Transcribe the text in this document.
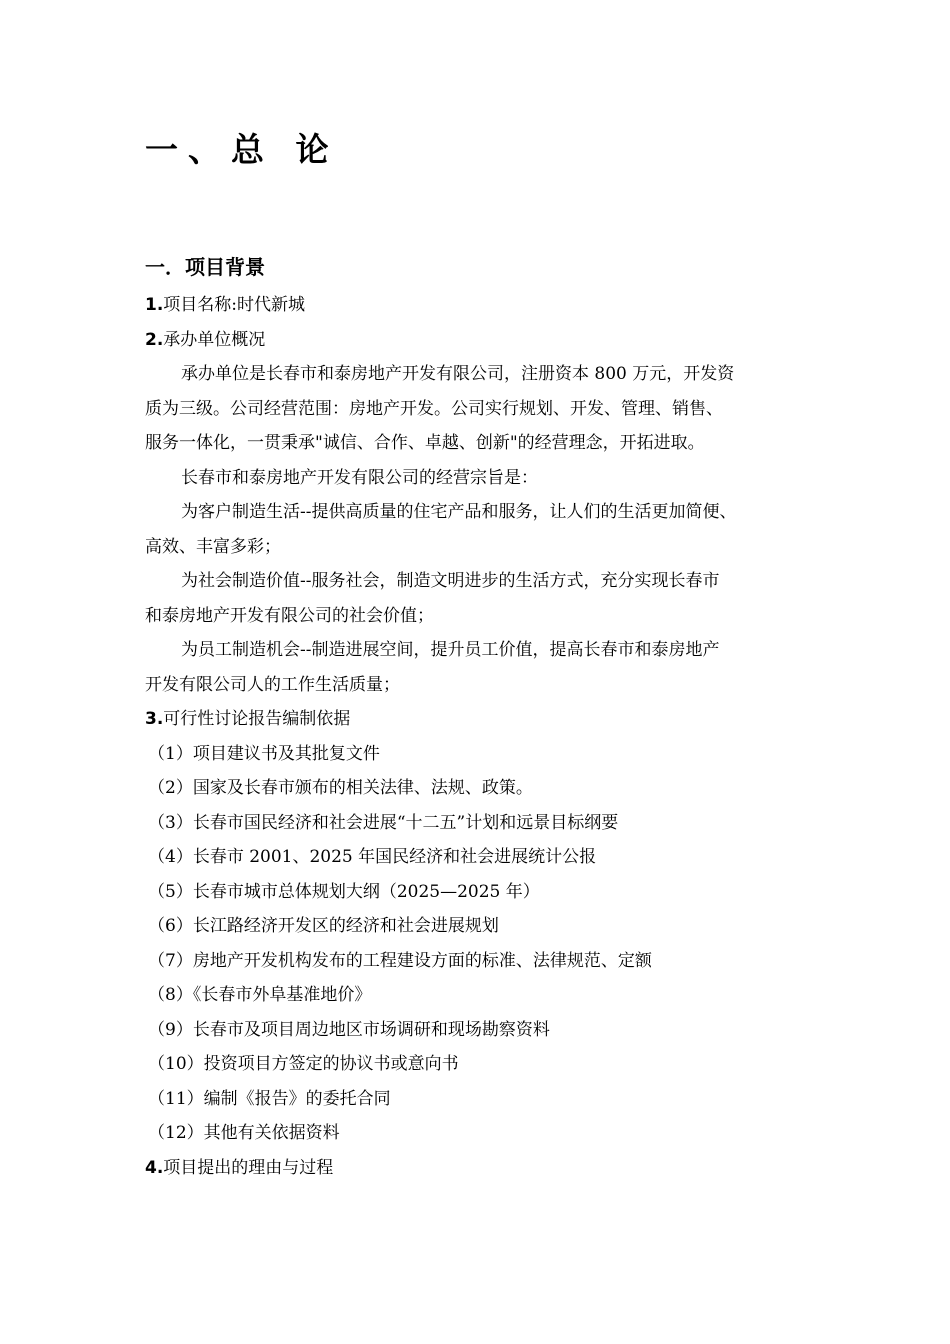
一、总 论
一．项目背景
1.项目名称:时代新城
2.承办单位概况
承办单位是长春市和泰房地产开发有限公司，注册资本 800 万元，开发资
质为三级。公司经营范围：房地产开发。公司实行规划、开发、管理、销售、
服务一体化，一贯秉承"诚信、合作、卓越、创新"的经营理念，开拓进取。
长春市和泰房地产开发有限公司的经营宗旨是：
为客户制造生活--提供高质量的住宅产品和服务，让人们的生活更加简便、
高效、丰富多彩；
为社会制造价值--服务社会，制造文明进步的生活方式，充分实现长春市
和泰房地产开发有限公司的社会价值；
为员工制造机会--制造进展空间，提升员工价值，提高长春市和泰房地产
开发有限公司人的工作生活质量；
3.可行性讨论报告编制依据
（1）项目建议书及其批复文件
（2）国家及长春市颁布的相关法律、法规、政策。
（3）长春市国民经济和社会进展“十二五”计划和远景目标纲要
（4）长春市 2001、2025 年国民经济和社会进展统计公报
（5）长春市城市总体规划大纲（2025—2025 年）
（6）长江路经济开发区的经济和社会进展规划
（7）房地产开发机构发布的工程建设方面的标准、法律规范、定额
（8）《长春市外阜基准地价》
（9）长春市及项目周边地区市场调研和现场勘察资料
（10）投资项目方签定的协议书或意向书
（11）编制《报告》的委托合同
（12）其他有关依据资料
4.项目提出的理由与过程
